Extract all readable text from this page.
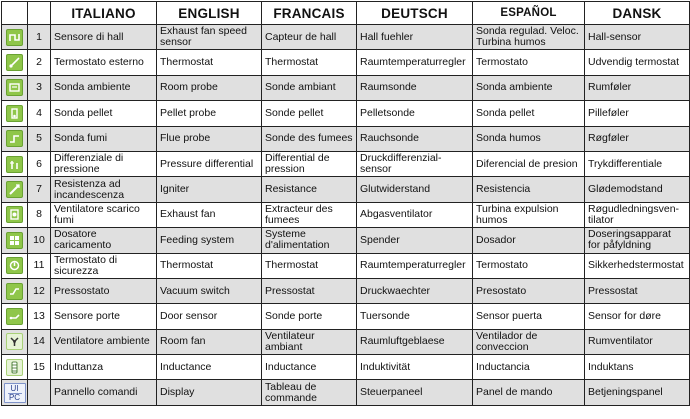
		ITALIANO	ENGLISH	FRANCAIS	DEUTSCH	ESPAÑOL	DANSK

	1	Sensore di hall	Exhaust fan speed sensor	Capteur de hall	Hall fuehler	Sonda regulad. Veloc. Turbina humos	Hall-sensor

	2	Termostato esterno	Thermostat	Thermostat	Raumtemperaturregler	Termostato	Udvendig termostat

	3	Sonda ambiente	Room probe	Sonde ambiant	Raumsonde	Sonda ambiente	Rumføler

	4	Sonda pellet	Pellet probe	Sonde pellet	Pelletsonde	Sonda pellet	Pilleføler

	5	Sonda fumi	Flue probe	Sonde des fumees	Rauchsonde	Sonda humos	Røgføler

	6	Differenziale di pressione	Pressure differential	Differential de pression	Druckdifferenzial-sensor	Diferencial de presion	Trykdifferentiale

	7	Resistenza ad incandescenza	Igniter	Resistance	Glutwiderstand	Resistencia	Glødemodstand

	8	Ventilatore scarico fumi	Exhaust fan	Extracteur des fumees	Abgasventilator	Turbina expulsion humos	Røgudledningsven-tilator

	10	Dosatore caricamento	Feeding system	Systeme d'alimentation	Spender	Dosador	Doseringsapparat for påfyldning

	11	Termostato di sicurezza	Thermostat	Thermostat	Raumtemperaturregler	Termostato	Sikkerhedstermostat

	12	Pressostato	Vacuum switch	Pressostat	Druckwaechter	Presostato	Pressostat

	13	Sensore porte	Door sensor	Sonde porte	Tuersonde	Sensor puerta	Sensor for døre

	14	Ventilatore ambiente	Room fan	Ventilateur ambiant	Raumluftgeblaese	Ventilador de conveccion	Rumventilator

	15	Induttanza	Inductance	Inductance	Induktivität	Inductancia	Induktans

$\frac{UI}{PC}$		Pannello comandi	Display	Tableau de commande	Steuerpaneel	Panel de mando	Betjeningspanel
